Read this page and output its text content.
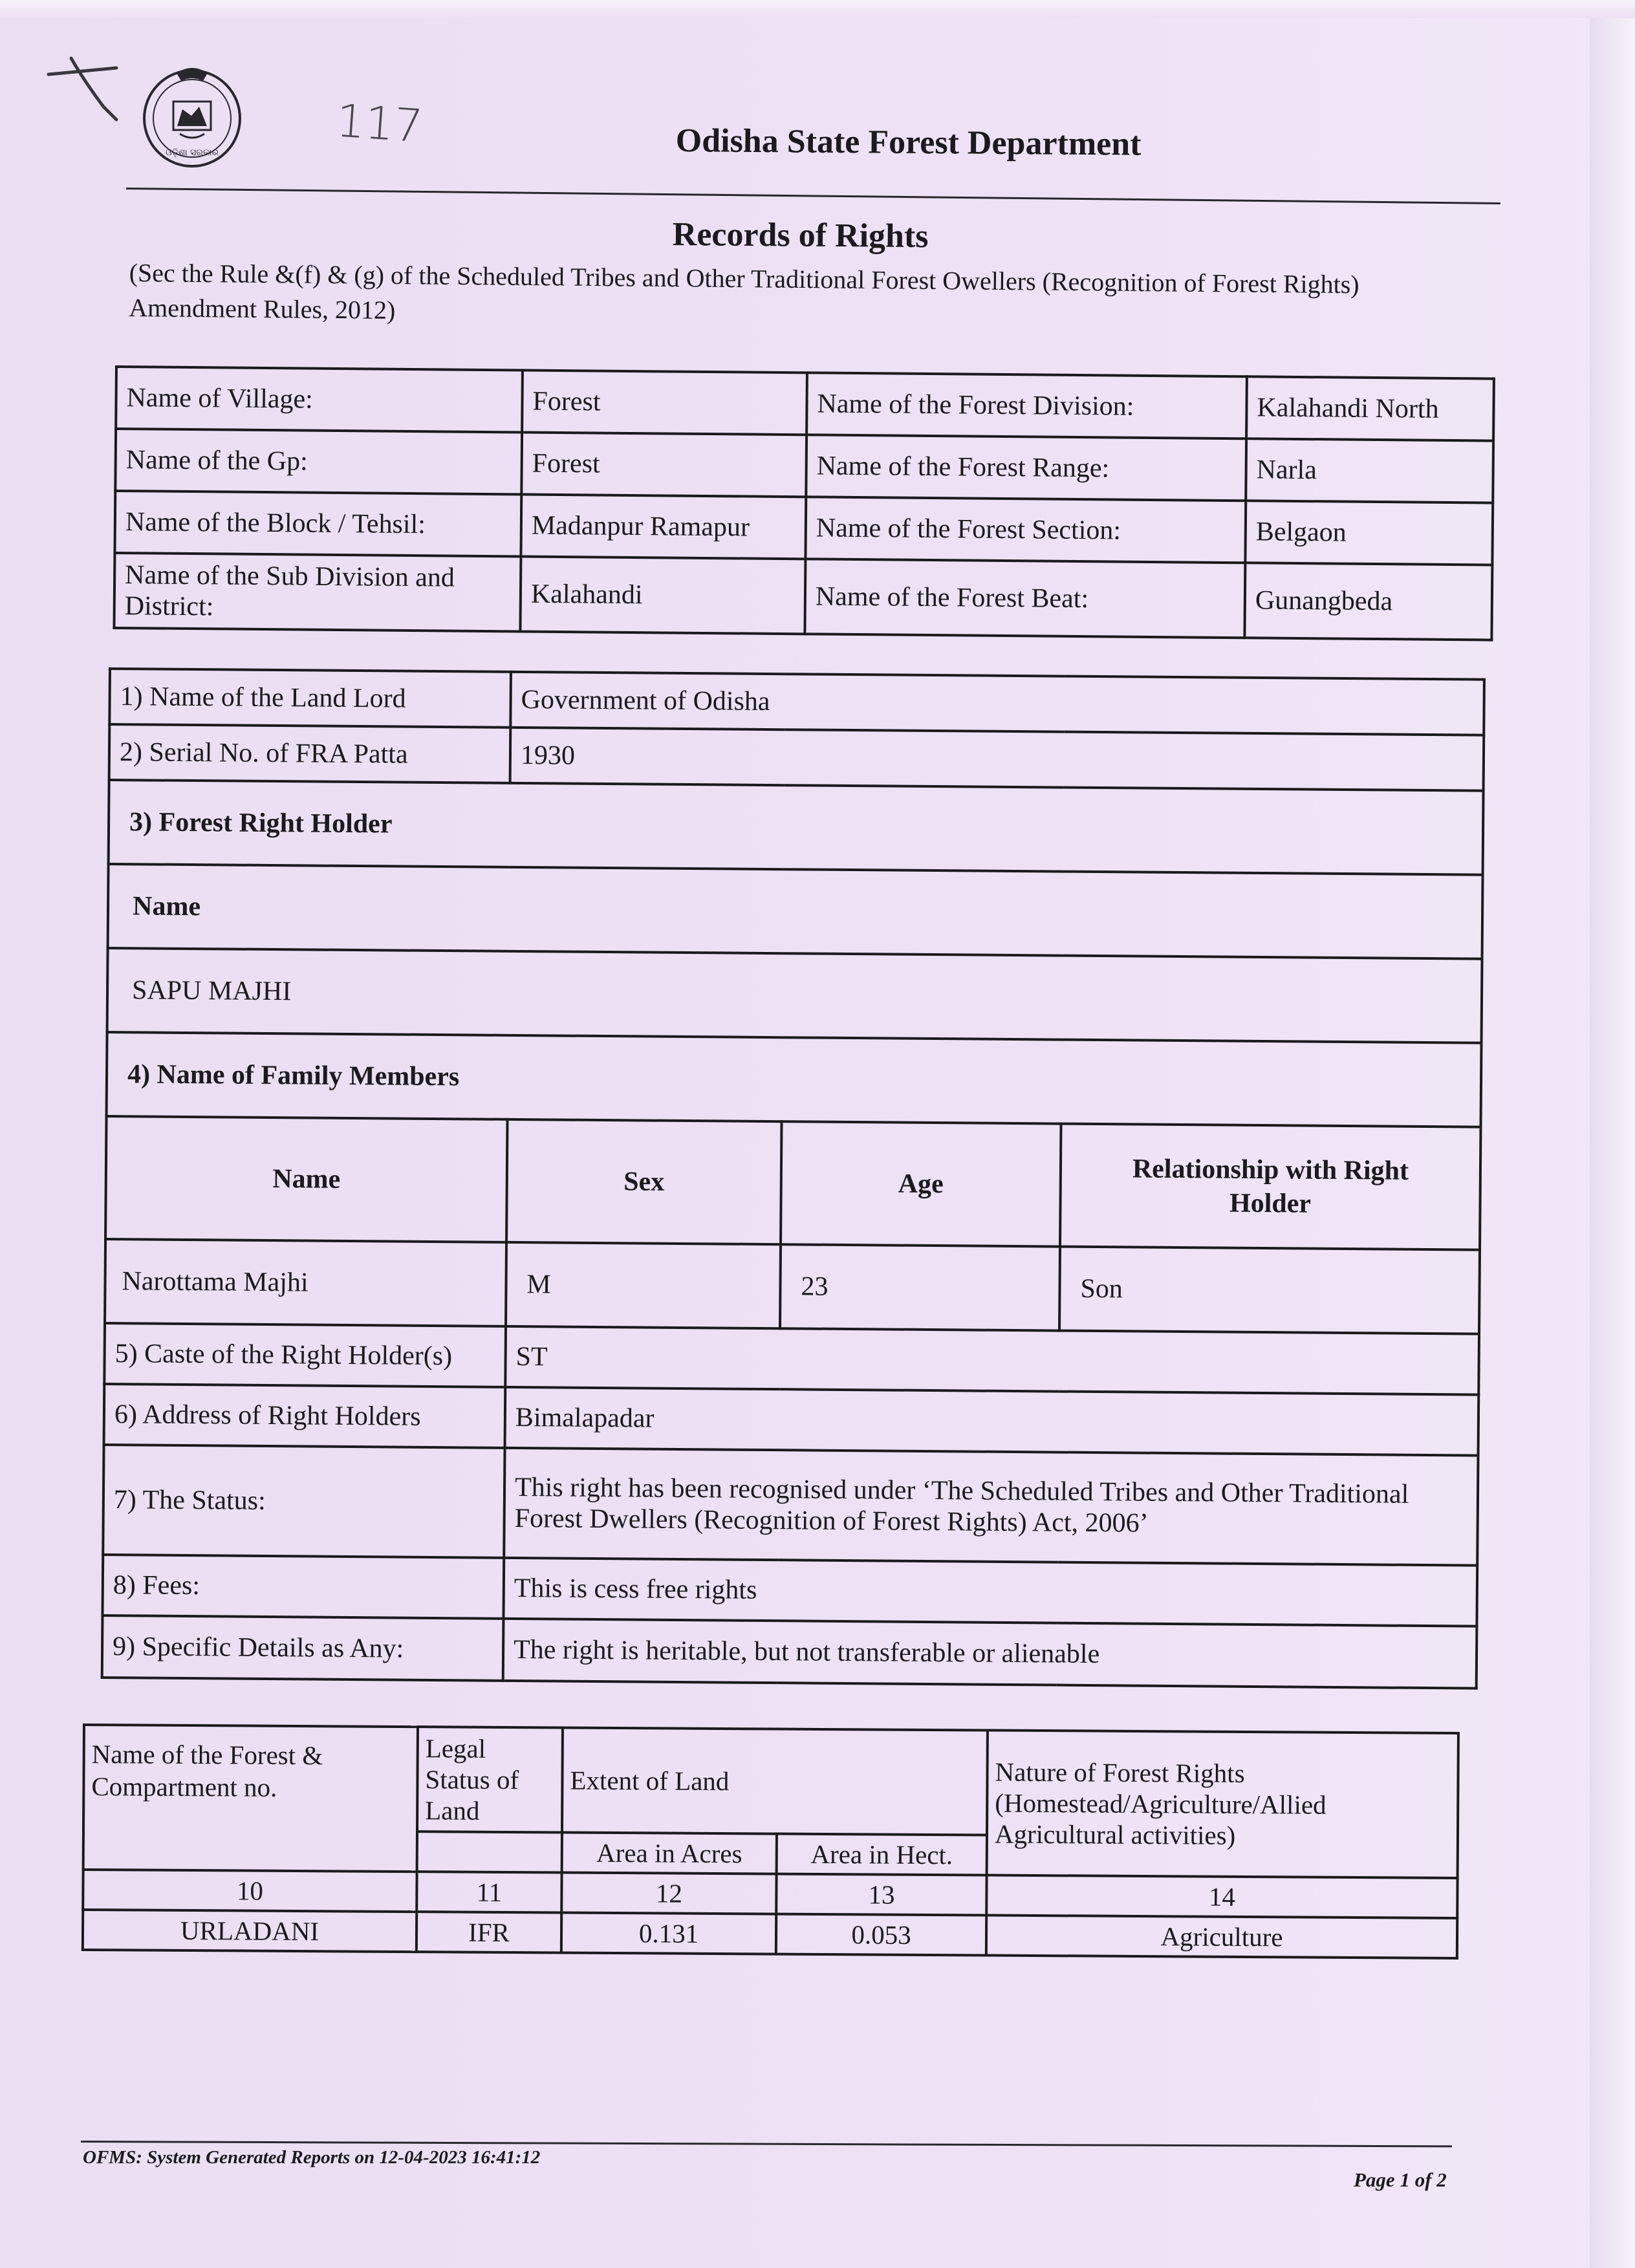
ଓଡ଼ିଶା ସରକାର	117	Odisha State Forest Department
Records of Rights
(Sec the Rule &(f) & (g) of the Scheduled Tribes and Other Traditional Forest Owellers (Recognition of Forest Rights) Amendment Rules, 2012)
Name of Village:	Forest	Name of the Forest Division:	Kalahandi North
Name of the Gp:	Forest	Name of the Forest Range:	Narla
Name of the Block / Tehsil:	Madanpur Ramapur	Name of the Forest Section:	Belgaon
Name of the Sub Division and District:	Kalahandi	Name of the Forest Beat:	Gunangbeda
1) Name of the Land Lord	Government of Odisha		
2) Serial No. of FRA Patta	1930		
3) Forest Right Holder			
Name			
SAPU MAJHI			
4) Name of Family Members			
Name	Sex	Age	Relationship with Right Holder
Narottama Majhi	M	23	Son
5) Caste of the Right Holder(s)	ST		
6) Address of Right Holders	Bimalapadar		
7) The Status:	This right has been recognised under ‘The Scheduled Tribes and Other Traditional
Forest Dwellers (Recognition of Forest Rights) Act, 2006’		

8) Fees:	This is cess free rights		
9) Specific Details as Any:	The right is heritable, but not transferable or alienable		
Name of the Forest & Compartment no.	Legal Status of Land	Extent of Land		Nature of Forest Rights (Homestead/Agriculture/Allied Agricultural activities)
		Area in Acres	Area in Hect.	
10	11	12	13	14
URLADANI	IFR	0.131	0.053	Agriculture
OFMS: System Generated Reports on 12-04-2023 16:41:12
Page 1 of 2
